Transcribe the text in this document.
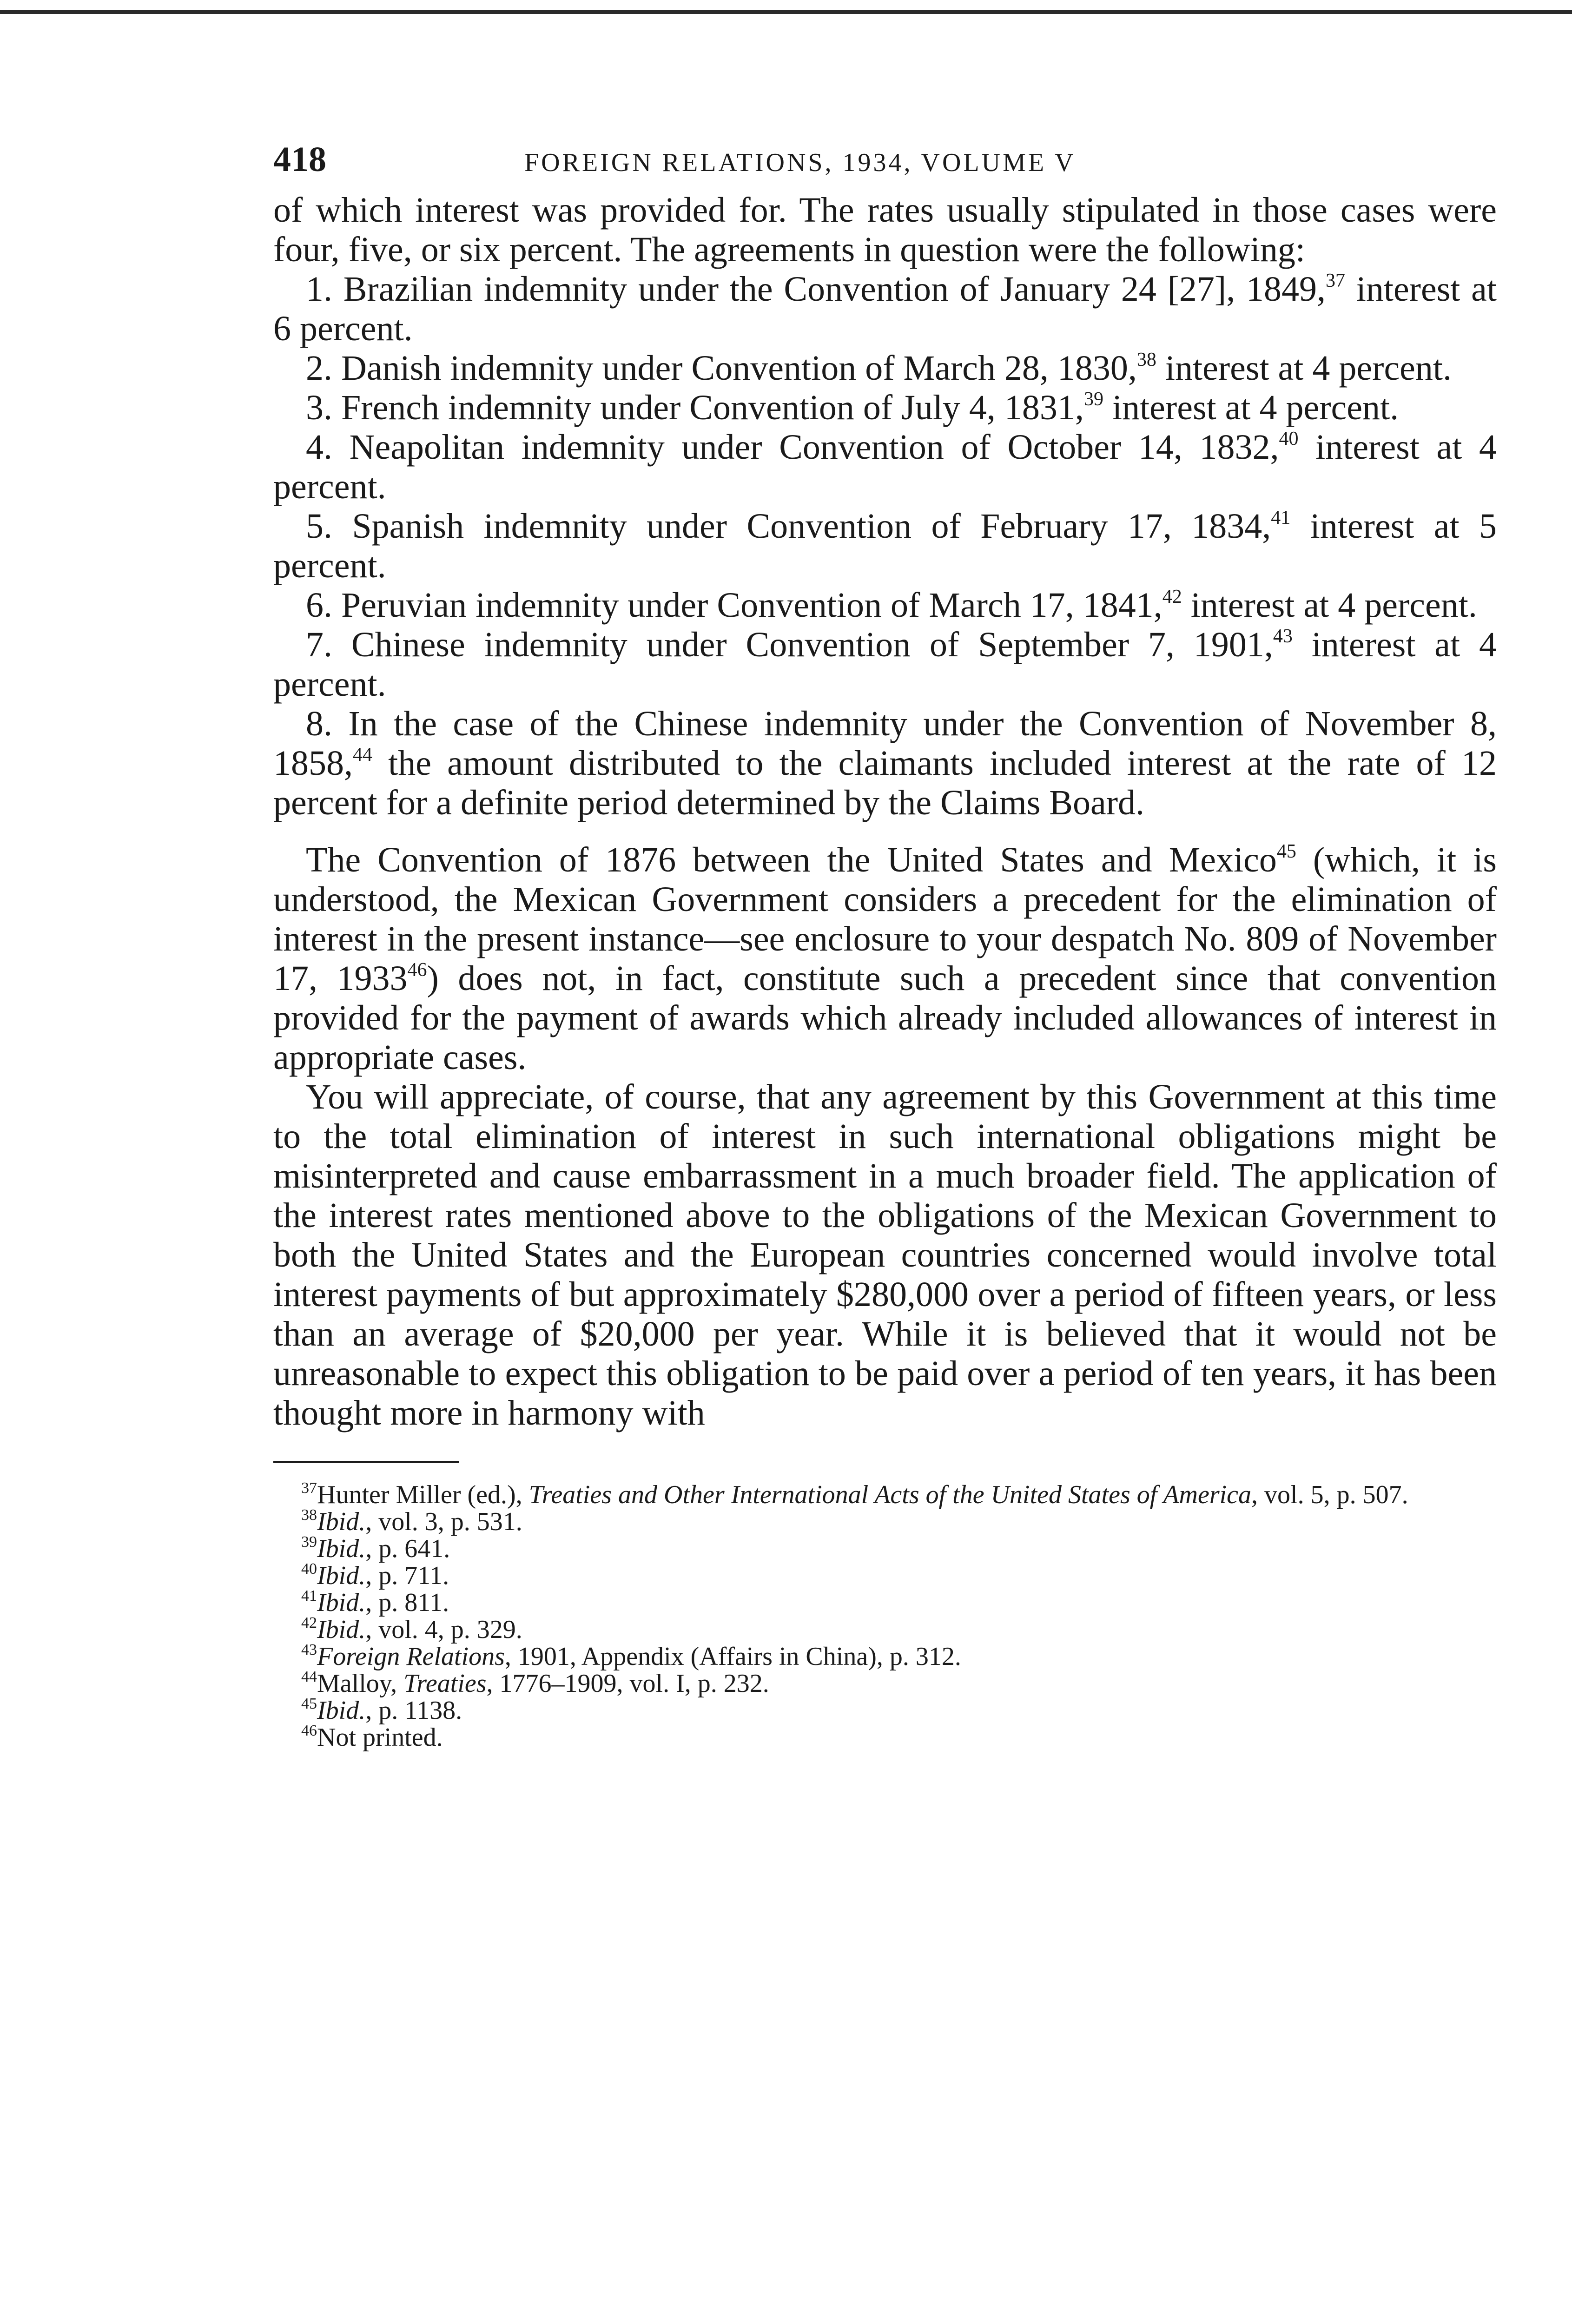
418	FOREIGN RELATIONS, 1934, VOLUME V

of which interest was provided for. The rates usually stipulated in those cases were four, five, or six percent. The agreements in question were the following:

1. Brazilian indemnity under the Convention of January 24 [27], 1849,37 interest at 6 percent.

2. Danish indemnity under Convention of March 28, 1830,38 interest at 4 percent.

3. French indemnity under Convention of July 4, 1831,39 interest at 4 percent.

4. Neapolitan indemnity under Convention of October 14, 1832,40 interest at 4 percent.

5. Spanish indemnity under Convention of February 17, 1834,41 interest at 5 percent.

6. Peruvian indemnity under Convention of March 17, 1841,42 interest at 4 percent.

7. Chinese indemnity under Convention of September 7, 1901,43 interest at 4 percent.

8. In the case of the Chinese indemnity under the Convention of November 8, 1858,44 the amount distributed to the claimants included interest at the rate of 12 percent for a definite period determined by the Claims Board.

The Convention of 1876 between the United States and Mexico$^{45}$ (which, it is understood, the Mexican Government considers a precedent for the elimination of interest in the present instance—see enclosure to your despatch No. 809 of November 17, 1933$^{46}$) does not, in fact, constitute such a precedent since that convention provided for the payment of awards which already included allowances of interest in appropriate cases.

You will appreciate, of course, that any agreement by this Government at this time to the total elimination of interest in such international obligations might be misinterpreted and cause embarrassment in a much broader field. The application of the interest rates mentioned above to the obligations of the Mexican Government to both the United States and the European countries concerned would involve total interest payments of but approximately $280,000 over a period of fifteen years, or less than an average of $20,000 per year. While it is believed that it would not be unreasonable to expect this obligation to be paid over a period of ten years, it has been thought more in harmony with

$^{37}$Hunter Miller (ed.), Treaties and Other International Acts of the United States of America, vol. 5, p. 507.

$^{38}$Ibid., vol. 3, p. 531.

$^{39}$Ibid., p. 641.

$^{40}$Ibid., p. 711.

$^{41}$Ibid., p. 811.

$^{42}$Ibid., vol. 4, p. 329.

$^{43}$Foreign Relations, 1901, Appendix (Affairs in China), p. 312.

$^{44}$Malloy, Treaties, 1776–1909, vol. I, p. 232.

$^{45}$Ibid., p. 1138.

$^{46}$Not printed.
